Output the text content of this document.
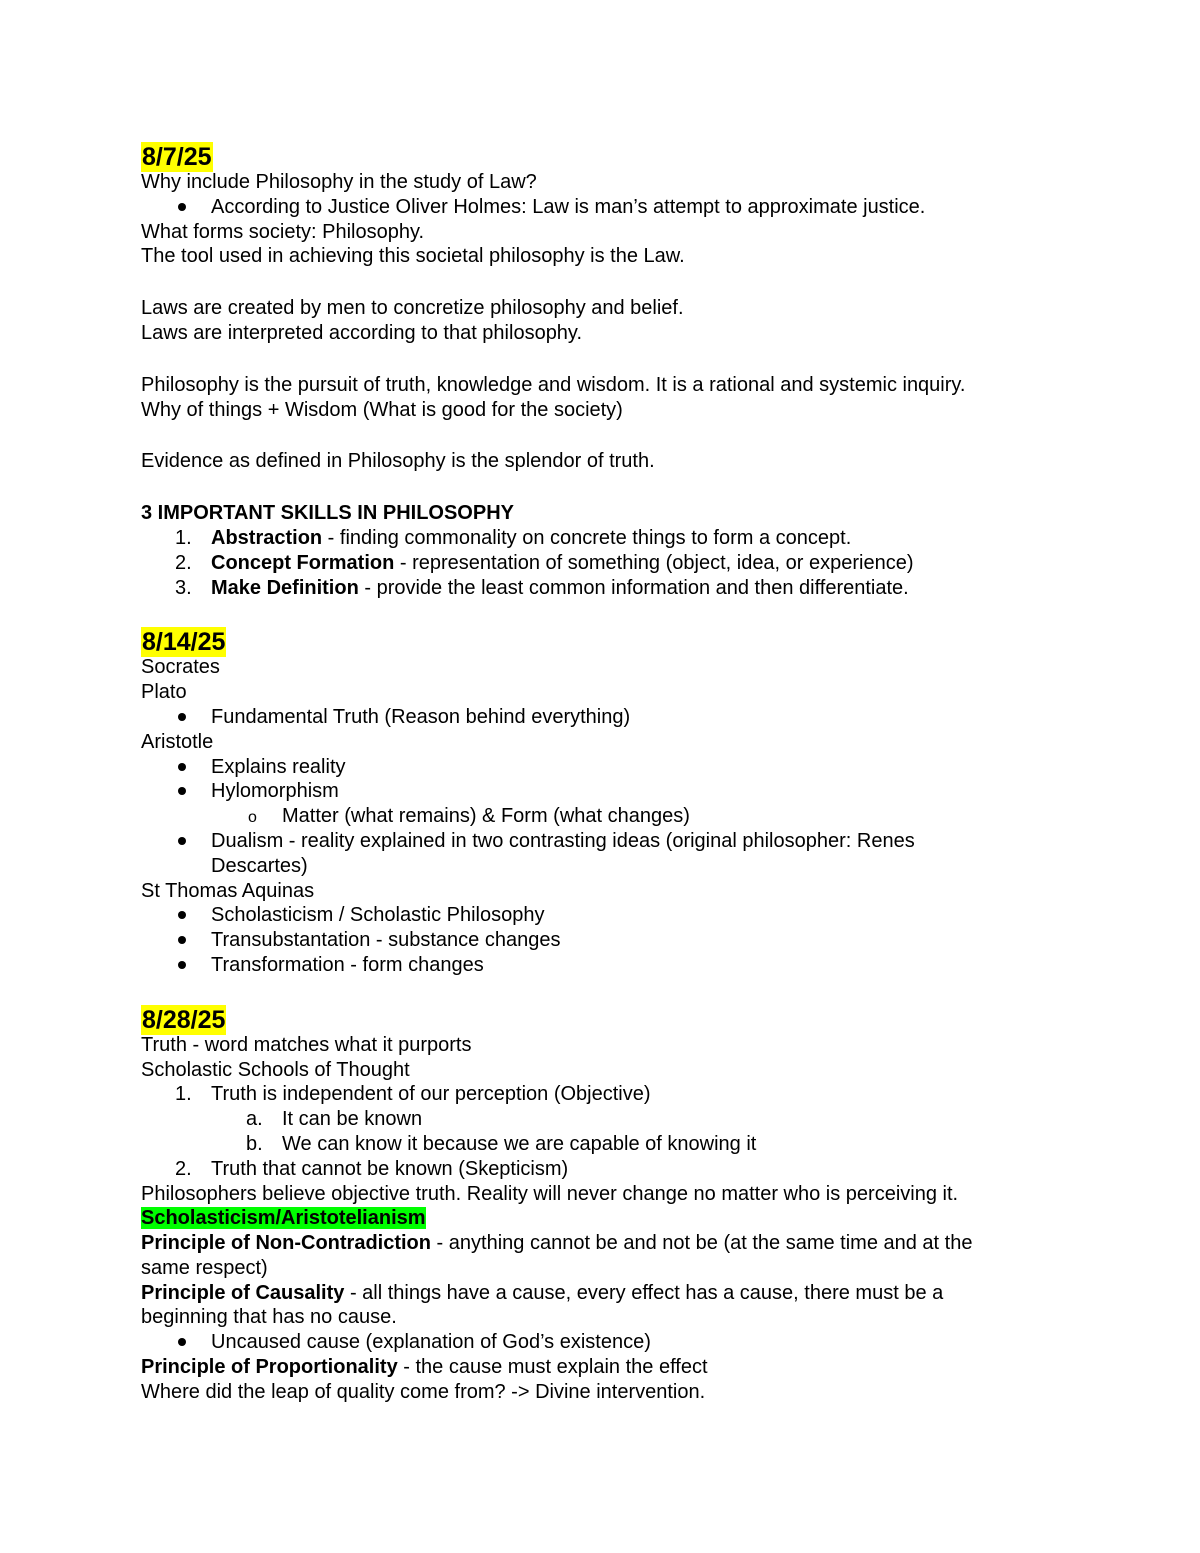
8/7/25
Why include Philosophy in the study of Law?
According to Justice Oliver Holmes: Law is man’s attempt to approximate justice.
What forms society: Philosophy.
The tool used in achieving this societal philosophy is the Law.
Laws are created by men to concretize philosophy and belief.
Laws are interpreted according to that philosophy.
Philosophy is the pursuit of truth, knowledge and wisdom. It is a rational and systemic inquiry.
Why of things + Wisdom (What is good for the society)
Evidence as defined in Philosophy is the splendor of truth.
3 IMPORTANT SKILLS IN PHILOSOPHY
1. Abstraction - finding commonality on concrete things to form a concept.
2. Concept Formation - representation of something (object, idea, or experience)
3. Make Definition - provide the least common information and then differentiate.
8/14/25
Socrates
Plato
Fundamental Truth (Reason behind everything)
Aristotle
Explains reality
Hylomorphism
o Matter (what remains) & Form (what changes)
Dualism - reality explained in two contrasting ideas (original philosopher: Renes
Descartes)
St Thomas Aquinas
Scholasticism / Scholastic Philosophy
Transubstantation - substance changes
Transformation - form changes
8/28/25
Truth - word matches what it purports
Scholastic Schools of Thought
1. Truth is independent of our perception (Objective)
a. It can be known
b. We can know it because we are capable of knowing it
2. Truth that cannot be known (Skepticism)
Philosophers believe objective truth. Reality will never change no matter who is perceiving it.
Scholasticism/Aristotelianism
Principle of Non-Contradiction - anything cannot be and not be (at the same time and at the
same respect)
Principle of Causality - all things have a cause, every effect has a cause, there must be a
beginning that has no cause.
Uncaused cause (explanation of God’s existence)
Principle of Proportionality - the cause must explain the effect
Where did the leap of quality come from? -> Divine intervention.
